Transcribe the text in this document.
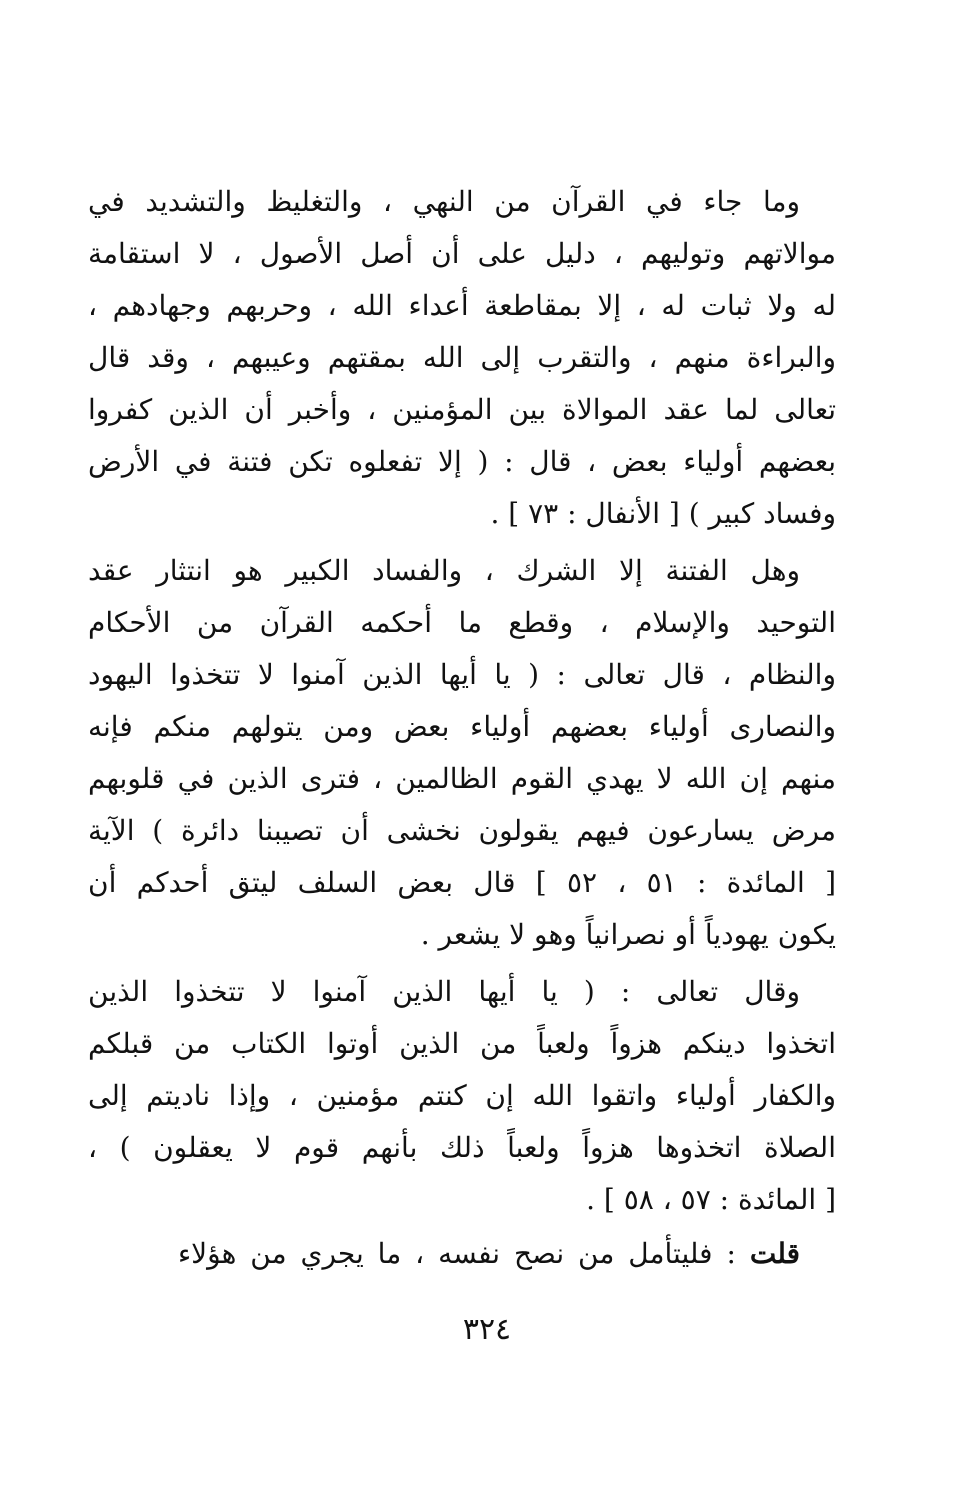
وما جاء في القرآن من النهي ، والتغليظ والتشديد في
موالاتهم وتوليهم ، دليل على أن أصل الأصول ، لا استقامة
له ولا ثبات له ، إلا بمقاطعة أعداء الله ، وحربهم وجهادهم ،
والبراءة منهم ، والتقرب إلى الله بمقتهم وعيبهم ، وقد قال
تعالى لما عقد الموالاة بين المؤمنين ، وأخبر أن الذين كفروا
بعضهم أولياء بعض ، قال : ( إلا تفعلوه تكن فتنة في الأرض
وفساد كبير ) [ الأنفال : ٧٣ ] .
وهل الفتنة إلا الشرك ، والفساد الكبير هو انتثار عقد
التوحيد والإسلام ، وقطع ما أحكمه القرآن من الأحكام
والنظام ، قال تعالى : ( يا أيها الذين آمنوا لا تتخذوا اليهود
والنصارى أولياء بعضهم أولياء بعض ومن يتولهم منكم فإنه
منهم إن الله لا يهدي القوم الظالمين ، فترى الذين في قلوبهم
مرض يسارعون فيهم يقولون نخشى أن تصيبنا دائرة ) الآية
[ المائدة : ٥١ ، ٥٢ ] قال بعض السلف ليتق أحدكم أن
يكون يهودياً أو نصرانياً وهو لا يشعر .
وقال تعالى : ( يا أيها الذين آمنوا لا تتخذوا الذين
اتخذوا دينكم هزواً ولعباً من الذين أوتوا الكتاب من قبلكم
والكفار أولياء واتقوا الله إن كنتم مؤمنين ، وإذا ناديتم إلى
الصلاة اتخذوها هزواً ولعباً ذلك بأنهم قوم لا يعقلون ) ،
[ المائدة : ٥٧ ، ٥٨ ] .
قلت : فليتأمل من نصح نفسه ، ما يجري من هؤلاء
٣٢٤
